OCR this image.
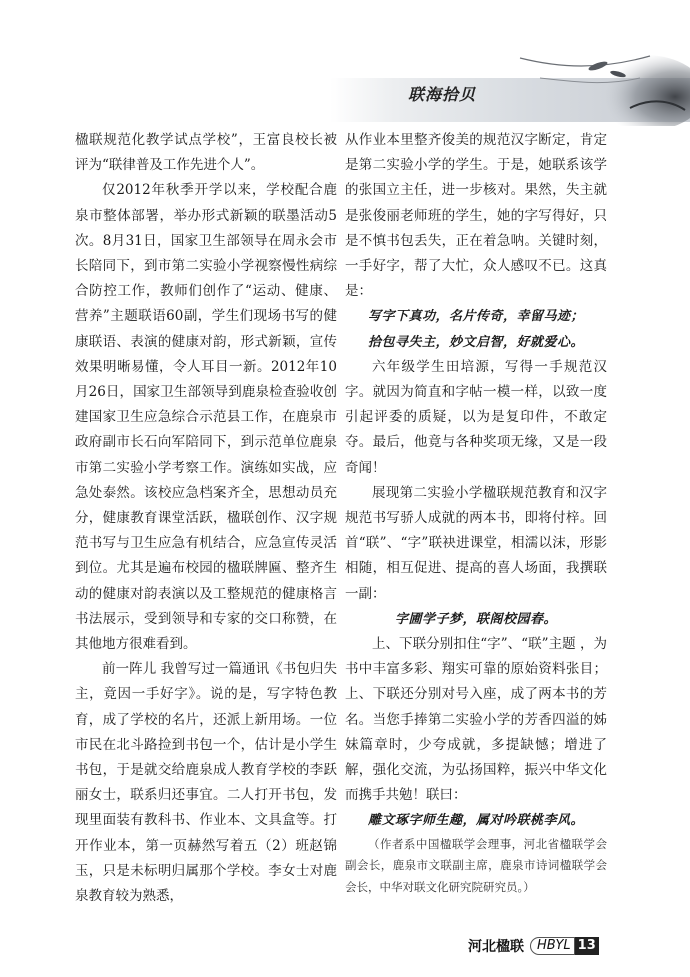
联海拾贝

楹联规范化教学试点学校”，王富良校长被评为“联律普及工作先进个人”。

仅2012年秋季开学以来，学校配合鹿泉市整体部署，举办形式新颖的联墨活动5次。8月31日，国家卫生部领导在周永会市长陪同下，到市第二实验小学视察慢性病综合防控工作，教师们创作了“运动、健康、营养”主题联语60副，学生们现场书写的健康联语、表演的健康对韵，形式新颖，宣传效果明晰易懂，令人耳目一新。2012年10月26日，国家卫生部领导到鹿泉检查验收创建国家卫生应急综合示范县工作，在鹿泉市政府副市长石向军陪同下，到示范单位鹿泉市第二实验小学考察工作。演练如实战，应急处泰然。该校应急档案齐全，思想动员充分，健康教育课堂活跃，楹联创作、汉字规范书写与卫生应急有机结合，应急宣传灵活到位。尤其是遍布校园的楹联牌匾、整齐生动的健康对韵表演以及工整规范的健康格言书法展示，受到领导和专家的交口称赞，在其他地方很难看到。

前一阵儿 我曾写过一篇通讯《书包归失主，竟因一手好字》。说的是，写字特色教育，成了学校的名片，还派上新用场。一位市民在北斗路捡到书包一个，估计是小学生书包，于是就交给鹿泉成人教育学校的李跃丽女士，联系归还事宜。二人打开书包，发现里面装有教科书、作业本、文具盒等。打开作业本，第一页赫然写着五（2）班赵锦玉，只是未标明归属那个学校。李女士对鹿泉教育较为熟悉，

从作业本里整齐俊美的规范汉字断定，肯定是第二实验小学的学生。于是，她联系该学的张国立主任，进一步核对。果然，失主就是张俊丽老师班的学生，她的字写得好，只是不慎书包丢失，正在着急呐。关键时刻，一手好字，帮了大忙，众人感叹不已。这真是：

写字下真功，名片传奇，幸留马迹；

拾包寻失主，妙文启智，好就爱心。

六年级学生田培源，写得一手规范汉字。就因为简直和字帖一模一样，以致一度引起评委的质疑，以为是复印件，不敢定夺。最后，他竟与各种奖项无缘，又是一段奇闻！

展现第二实验小学楹联规范教育和汉字规范书写骄人成就的两本书，即将付梓。回首“联”、“字”联袂进课堂，相濡以沫，形影相随，相互促进、提高的喜人场面，我撰联一副：

字圃学子梦，联阁校园春。

上、下联分别扣住“字”、“联”主题 ，为书中丰富多彩、翔实可靠的原始资料张目；上、下联还分别对号入座，成了两本书的芳名。当您手捧第二实验小学的芳香四溢的姊妹篇章时，少夸成就，多提缺憾；增进了解，强化交流，为弘扬国粹，振兴中华文化而携手共勉！联曰：

雕文琢字师生趣，属对吟联桃李风。

（作者系中国楹联学会理事，河北省楹联学会副会长，鹿泉市文联副主席，鹿泉市诗词楹联学会会长，中华对联文化研究院研究员。）

河北楹联	HBYL 13
